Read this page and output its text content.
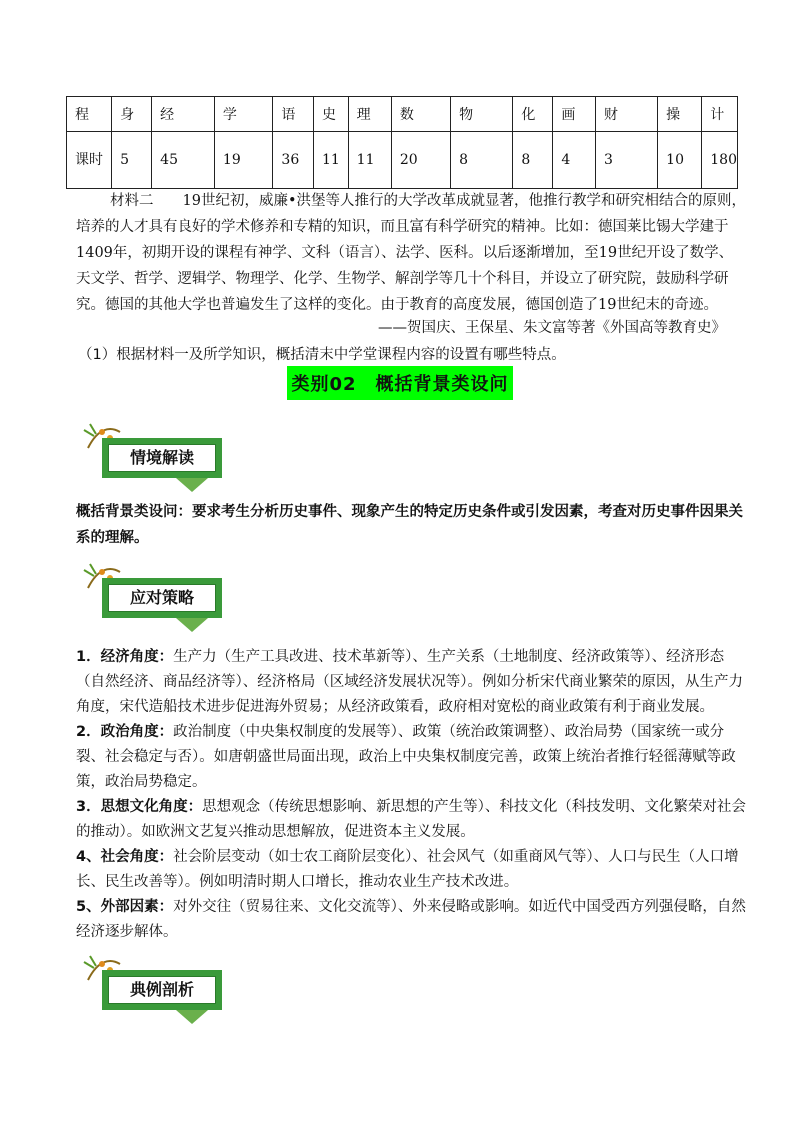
程	身	经	学	语	史	理	数	物	化	画	财	操	计
课时	5	45	19	36	11	11	20	8	8	4	3	10	180
材料二　　19世纪初，威廉•洪堡等人推行的大学改革成就显著，他推行教学和研究相结合的原则，培养的人才具有良好的学术修养和专精的知识，而且富有科学研究的精神。比如：德国莱比锡大学建于1409年，初期开设的课程有神学、文科（语言）、法学、医科。以后逐渐增加，至19世纪开设了数学、天文学、哲学、逻辑学、物理学、化学、生物学、解剖学等几十个科目，并设立了研究院，鼓励科学研究。德国的其他大学也普遍发生了这样的变化。由于教育的高度发展，德国创造了19世纪末的奇迹。
——贺国庆、王保星、朱文富等著《外国高等教育史》
（1）根据材料一及所学知识，概括清末中学堂课程内容的设置有哪些特点。
类别02　概括背景类设问
情境解读
概括背景类设问：要求考生分析历史事件、现象产生的特定历史条件或引发因素，考查对历史事件因果关系的理解。
应对策略

1．经济角度：生产力（生产工具改进、技术革新等）、生产关系（土地制度、经济政策等）、经济形态（自然经济、商品经济等）、经济格局（区域经济发展状况等）。例如分析宋代商业繁荣的原因，从生产力角度，宋代造船技术进步促进海外贸易；从经济政策看，政府相对宽松的商业政策有利于商业发展。

2．政治角度：政治制度（中央集权制度的发展等）、政策（统治政策调整）、政治局势（国家统一或分裂、社会稳定与否）。如唐朝盛世局面出现，政治上中央集权制度完善，政策上统治者推行轻徭薄赋等政策，政治局势稳定。

3．思想文化角度：思想观念（传统思想影响、新思想的产生等）、科技文化（科技发明、文化繁荣对社会的推动）。如欧洲文艺复兴推动思想解放，促进资本主义发展。

4、社会角度：社会阶层变动（如士农工商阶层变化）、社会风气（如重商风气等）、人口与民生（人口增长、民生改善等）。例如明清时期人口增长，推动农业生产技术改进。

5、外部因素：对外交往（贸易往来、文化交流等）、外来侵略或影响。如近代中国受西方列强侵略，自然经济逐步解体。

典例剖析
